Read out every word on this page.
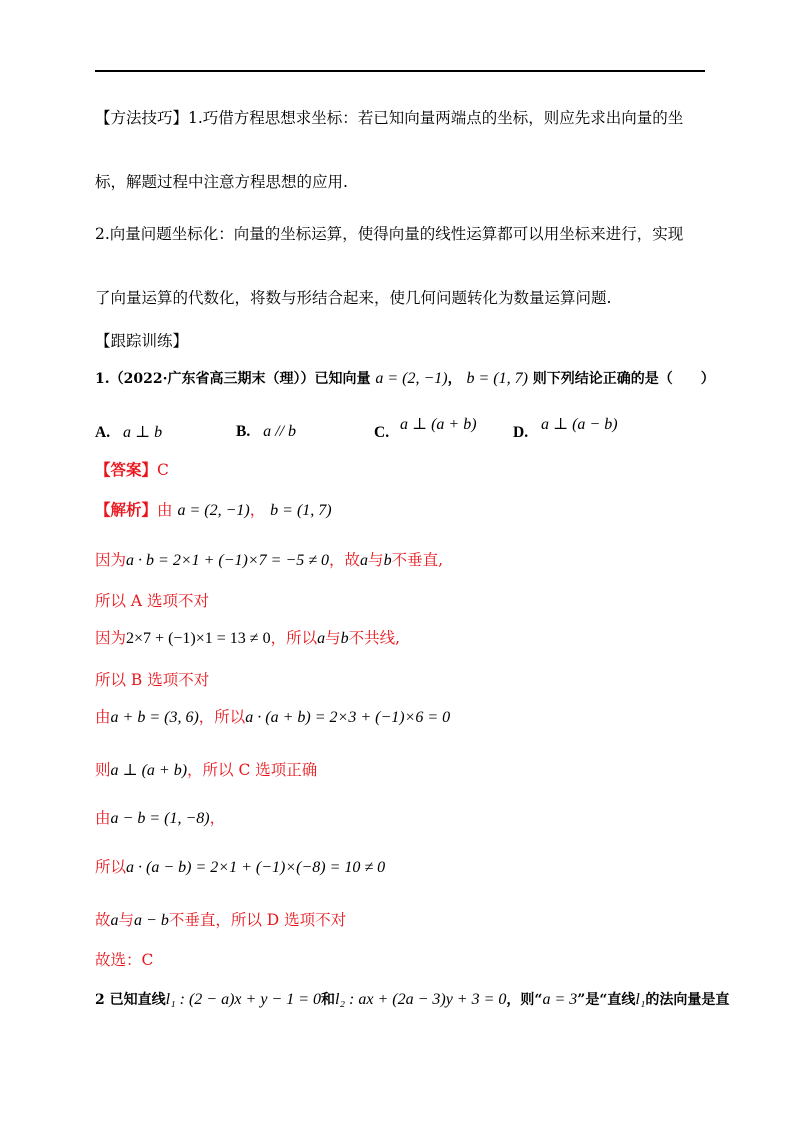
【方法技巧】1.巧借方程思想求坐标：若已知向量两端点的坐标，则应先求出向量的坐
标，解题过程中注意方程思想的应用.
2.向量问题坐标化：向量的坐标运算，使得向量的线性运算都可以用坐标来进行，实现
了向量运算的代数化，将数与形结合起来，使几何问题转化为数量运算问题.
【跟踪训练】
1.（2022·广东省高三期末（理））已知向量 a = (2, −1)， b = (1, 7) 则下列结论正确的是（　　）
A. a ⊥ b	B. a // b	C. a ⊥ (a + b) D. a ⊥ (a − b)
【答案】C
【解析】由 a = (2, −1)， b = (1, 7)
因为a · b = 2×1 + (−1)×7 = −5 ≠ 0，故a与b不垂直,
所以 A 选项不对
因为2×7 + (−1)×1 = 13 ≠ 0，所以a与b不共线,
所以 B 选项不对
由a + b = (3, 6)，所以a · (a + b) = 2×3 + (−1)×6 = 0
则a ⊥ (a + b)，所以 C 选项正确
由a − b = (1, −8)，
所以a · (a − b) = 2×1 + (−1)×(−8) = 10 ≠ 0
故a与a − b不垂直，所以 D 选项不对
故选：C
2 已知直线l₁ : (2 − a)x + y − 1 = 0和l₂ : ax + (2a − 3)y + 3 = 0，则“a = 3”是“直线l₁的法向量是直
